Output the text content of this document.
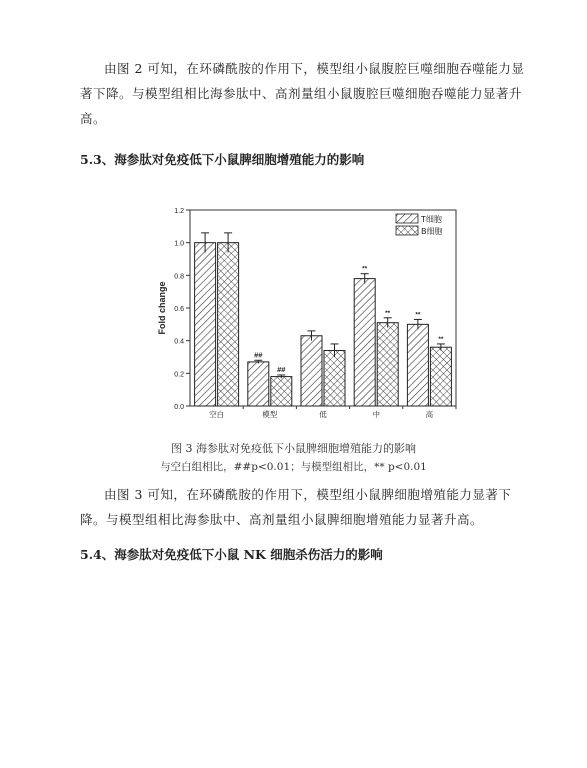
由图 2 可知，在环磷酰胺的作用下，模型组小鼠腹腔巨噬细胞吞噬能力显著下降。与模型组相比海参肽中、高剂量组小鼠腹腔巨噬细胞吞噬能力显著升高。
5.3、海参肽对免疫低下小鼠脾细胞增殖能力的影响
0.0
0.2
0.4
0.6
0.8
1.0
1.2
Fold change
空白	模型
##
##
低	中
**
**
高
**
**
T细胞
B细胞
图 3 海参肽对免疫低下小鼠脾细胞增殖能力的影响
与空白组相比，##p<0.01；与模型组相比，** p<0.01
由图 3 可知，在环磷酰胺的作用下，模型组小鼠脾细胞增殖能力显著下降。与模型组相比海参肽中、高剂量组小鼠脾细胞增殖能力显著升高。
5.4、海参肽对免疫低下小鼠 NK 细胞杀伤活力的影响
